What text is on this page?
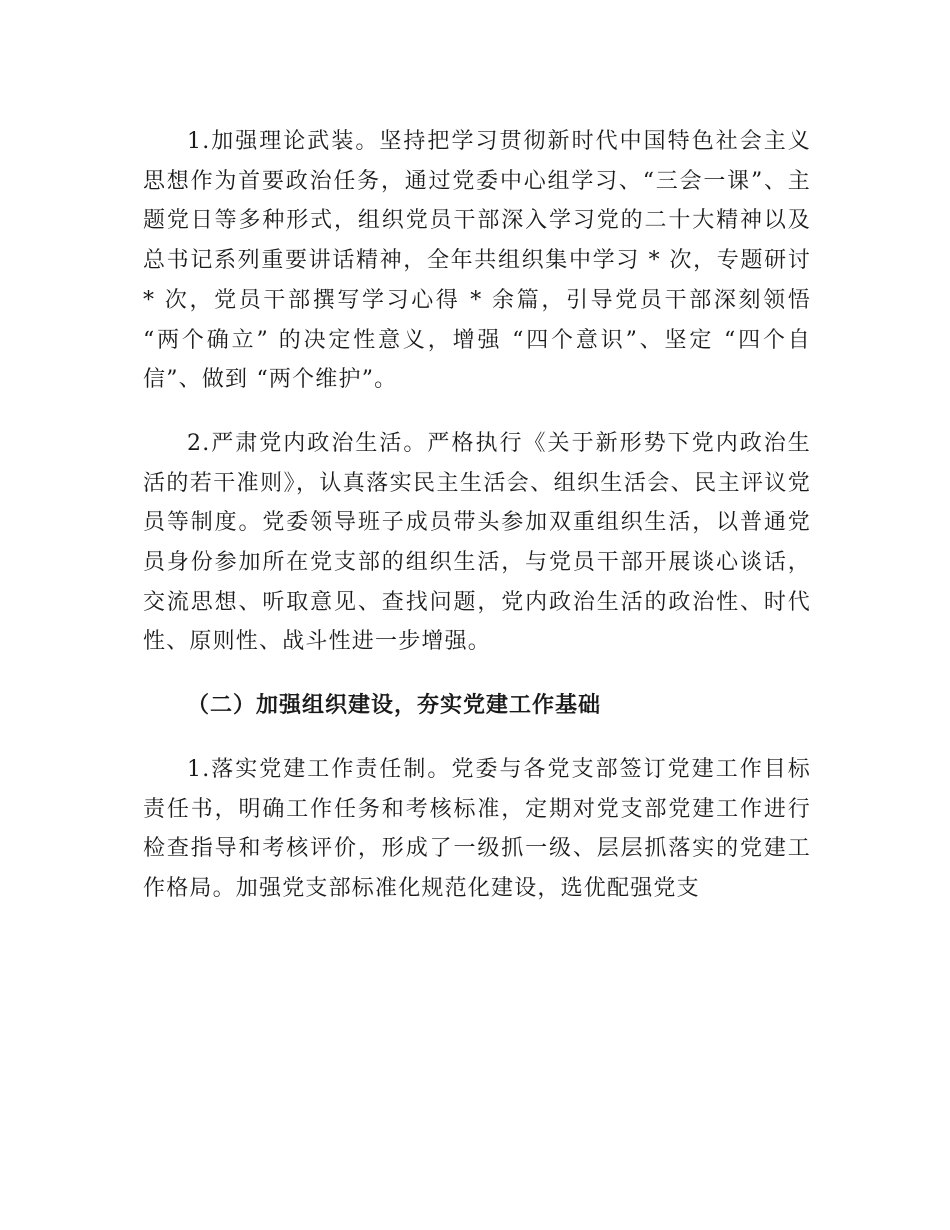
1.加强理论武装。坚持把学习贯彻新时代中国特色社会主义思想作为首要政治任务，通过党委中心组学习、“三会一课”、主题党日等多种形式，组织党员干部深入学习党的二十大精神以及总书记系列重要讲话精神，全年共组织集中学习 * 次，专题研讨 * 次，党员干部撰写学习心得 * 余篇，引导党员干部深刻领悟 “两个确立” 的决定性意义，增强 “四个意识”、坚定 “四个自信”、做到 “两个维护”。

2.严肃党内政治生活。严格执行《关于新形势下党内政治生活的若干准则》，认真落实民主生活会、组织生活会、民主评议党员等制度。党委领导班子成员带头参加双重组织生活，以普通党员身份参加所在党支部的组织生活，与党员干部开展谈心谈话，交流思想、听取意见、查找问题，党内政治生活的政治性、时代性、原则性、战斗性进一步增强。

（二）加强组织建设，夯实党建工作基础

1.落实党建工作责任制。党委与各党支部签订党建工作目标责任书，明确工作任务和考核标准，定期对党支部党建工作进行检查指导和考核评价，形成了一级抓一级、层层抓落实的党建工作格局。加强党支部标准化规范化建设，选优配强党支
